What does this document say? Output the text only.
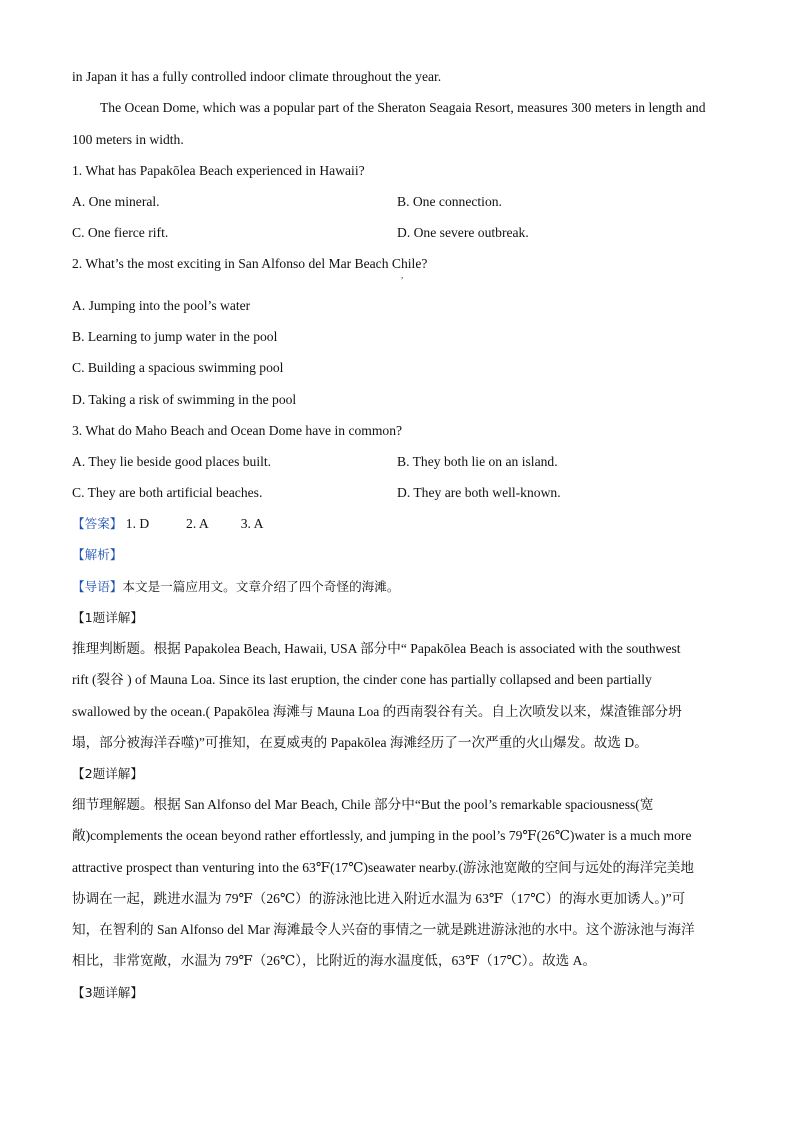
in Japan it has a fully controlled indoor climate throughout the year.
The Ocean Dome, which was a popular part of the Sheraton Seagaia Resort, measures 300 meters in length and
100 meters in width.
1. What has Papakōlea Beach experienced in Hawaii?
A. One mineral.	B. One connection.
C. One fierce rift.	D. One severe outbreak.
2. What’s the most exciting in San Alfonso del Mar Beach Chile?
,
A. Jumping into the pool’s water
B. Learning to jump water in the pool
C. Building a spacious swimming pool
D. Taking a risk of swimming in the pool
3. What do Maho Beach and Ocean Dome have in common?
A. They lie beside good places built.	B. They both lie on an island.
C. They are both artificial beaches.	D. They are both well-known.
【答案】 1. D	2. A 3. A
【解析】
【导语】本文是一篇应用文。文章介绍了四个奇怪的海滩。
【1题详解】
推理判断题。根据 Papakolea Beach, Hawaii, USA 部分中“ Papakōlea Beach is associated with the southwest
rift (裂谷 ) of Mauna Loa. Since its last eruption, the cinder cone has partially collapsed and been partially
swallowed by the ocean.( Papakōlea 海滩与 Mauna Loa 的西南裂谷有关。自上次喷发以来，煤渣锥部分坍
塌，部分被海洋吞噬)”可推知，在夏威夷的 Papakōlea 海滩经历了一次严重的火山爆发。故选 D。
【2题详解】
细节理解题。根据 San Alfonso del Mar Beach, Chile 部分中“But the pool’s remarkable spaciousness(宽
敞)complements the ocean beyond rather effortlessly, and jumping in the pool’s 79℉(26℃)water is a much more
attractive prospect than venturing into the 63℉(17℃)seawater nearby.(游泳池宽敞的空间与远处的海洋完美地
协调在一起，跳进水温为 79℉（26℃）的游泳池比进入附近水温为 63℉（17℃）的海水更加诱人。)”可
知，在智利的 San Alfonso del Mar 海滩最令人兴奋的事情之一就是跳进游泳池的水中。这个游泳池与海洋
相比，非常宽敞，水温为 79℉（26℃），比附近的海水温度低，63℉（17℃）。故选 A。
【3题详解】
